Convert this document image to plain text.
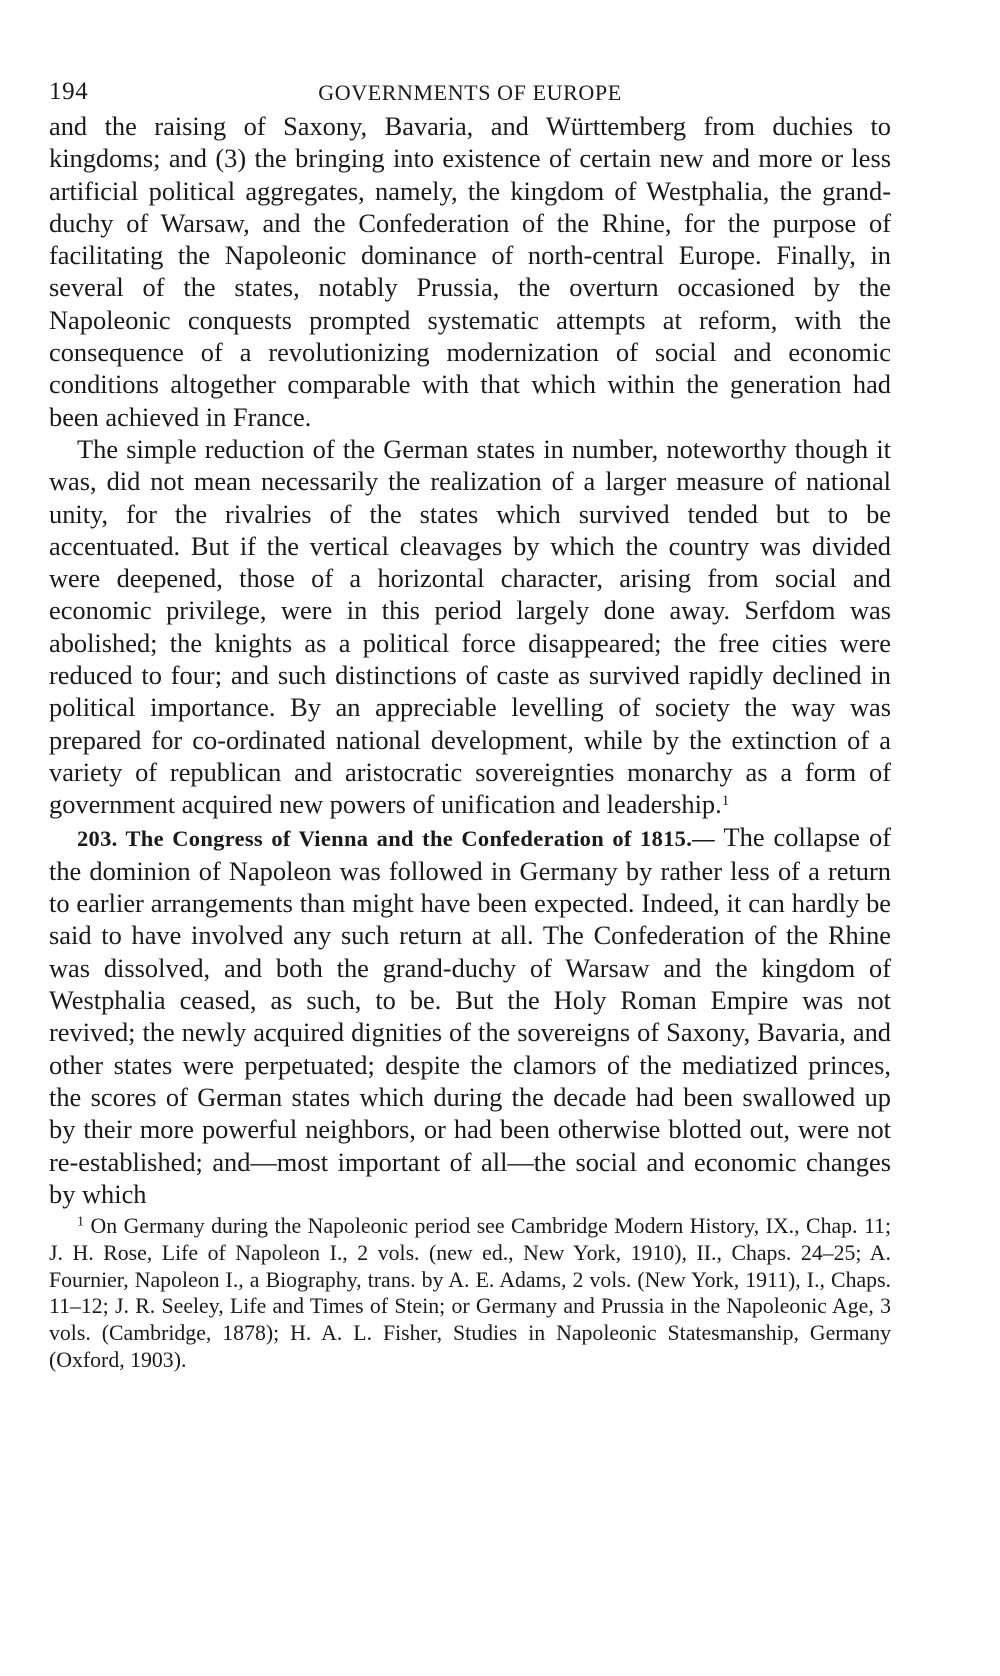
194	GOVERNMENTS OF EUROPE

and the raising of Saxony, Bavaria, and Württemberg from duchies to kingdoms; and (3) the bringing into existence of certain new and more or less artificial political aggregates, namely, the kingdom of Westphalia, the grand-duchy of Warsaw, and the Confederation of the Rhine, for the purpose of facilitating the Napoleonic dominance of north-central Europe. Finally, in several of the states, notably Prussia, the overturn occasioned by the Napoleonic conquests prompted systematic attempts at reform, with the consequence of a revolutionizing modernization of social and economic conditions altogether comparable with that which within the generation had been achieved in France.

The simple reduction of the German states in number, noteworthy though it was, did not mean necessarily the realization of a larger measure of national unity, for the rivalries of the states which survived tended but to be accentuated. But if the vertical cleavages by which the country was divided were deepened, those of a horizontal character, arising from social and economic privilege, were in this period largely done away. Serfdom was abolished; the knights as a political force disappeared; the free cities were reduced to four; and such distinctions of caste as survived rapidly declined in political importance. By an appreciable levelling of society the way was prepared for co-ordinated national development, while by the extinction of a variety of republican and aristocratic sovereignties monarchy as a form of government acquired new powers of unification and leadership.$^1$

203. The Congress of Vienna and the Confederation of 1815.— The collapse of the dominion of Napoleon was followed in Germany by rather less of a return to earlier arrangements than might have been expected. Indeed, it can hardly be said to have involved any such return at all. The Confederation of the Rhine was dissolved, and both the grand-duchy of Warsaw and the kingdom of Westphalia ceased, as such, to be. But the Holy Roman Empire was not revived; the newly acquired dignities of the sovereigns of Saxony, Bavaria, and other states were perpetuated; despite the clamors of the mediatized princes, the scores of German states which during the decade had been swallowed up by their more powerful neighbors, or had been otherwise blotted out, were not re-established; and—most important of all—the social and economic changes by which

$^1$ On Germany during the Napoleonic period see Cambridge Modern History, IX., Chap. 11; J. H. Rose, Life of Napoleon I., 2 vols. (new ed., New York, 1910), II., Chaps. 24–25; A. Fournier, Napoleon I., a Biography, trans. by A. E. Adams, 2 vols. (New York, 1911), I., Chaps. 11–12; J. R. Seeley, Life and Times of Stein; or Germany and Prussia in the Napoleonic Age, 3 vols. (Cambridge, 1878); H. A. L. Fisher, Studies in Napoleonic Statesmanship, Germany (Oxford, 1903).
